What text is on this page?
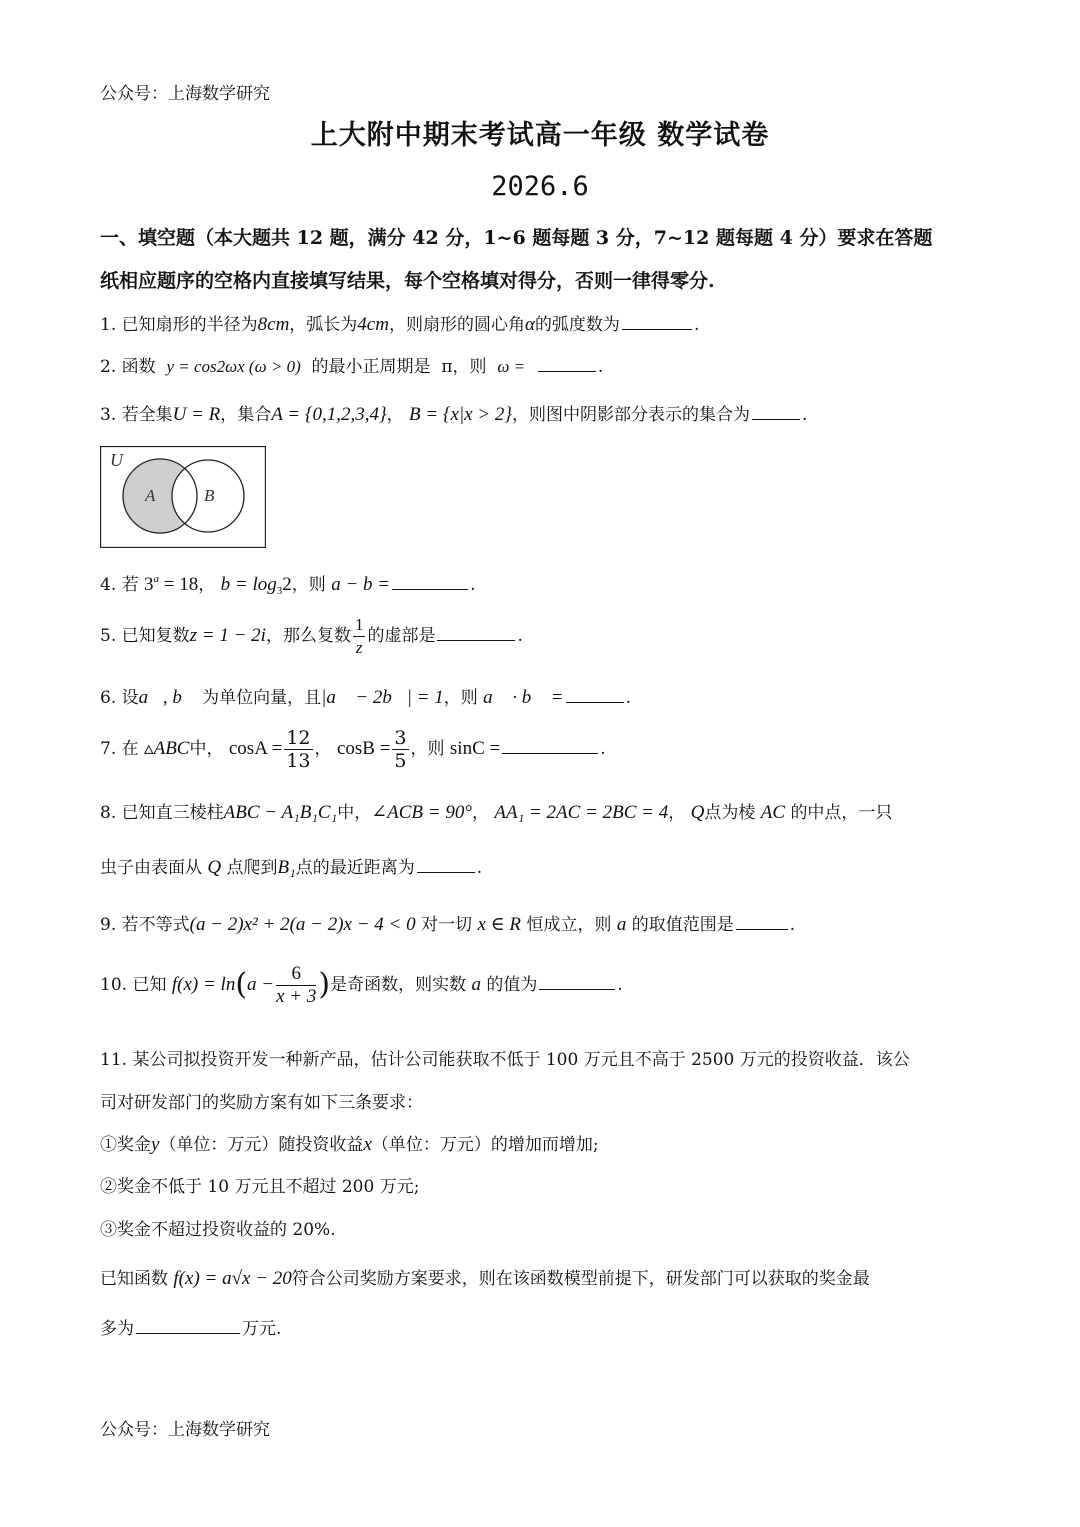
公众号：上海数学研究
上大附中期末考试高一年级 数学试卷
2026.6
一、填空题（本大题共 12 题，满分 42 分，1~6 题每题 3 分，7~12 题每题 4 分）要求在答题
纸相应题序的空格内直接填写结果，每个空格填对得分，否则一律得零分.
1. 已知扇形的半径为8cm，弧长为4cm，则扇形的圆心角α的弧度数为	.
2. 函数 y = cos2ωx (ω > 0) 的最小正周期是 π，则 ω =	.
3. 若全集U = R，集合A = {0,1,2,3,4}， B = {x|x > 2}，则图中阴影部分表示的集合为	.
U
A	B
4. 若 $3^a = 18$， $b = \log_32$，则 a − b =	.
5. 已知复数z = 1 − 2i，那么复数 $\frac{1}{z}$ 的虚部是	.
6. 设a⃗, b⃗ 为单位向量，且|a⃗ − 2b⃗| = 1，则 a⃗ · b⃗ =	.
7. 在 ▵ABC中， $\cos A = \frac{12}{13}$ ， $\cos B = \frac{3}{5}$ ，则 sinC =	.
8. 已知直三棱柱ABC − A₁B₁C₁中，∠ACB = 90°， AA₁ = 2AC = 2BC = 4， Q点为棱 AC 的中点，一只
虫子由表面从 Q 点爬到B₁点的最近距离为	.
9. 若不等式(a − 2)x² + 2(a − 2)x − 4 < 0 对一切 x ∈ R 恒成立，则 a 的取值范围是	.
10. 已知 $f(x) = \ln(a - \frac{6}{x + 3}$ )是奇函数，则实数 a 的值为	.
11. 某公司拟投资开发一种新产品，估计公司能获取不低于 100 万元且不高于 2500 万元的投资收益．该公
司对研发部门的奖励方案有如下三条要求：
①奖金y（单位：万元）随投资收益x（单位：万元）的增加而增加;
②奖金不低于 10 万元且不超过 200 万元;
③奖金不超过投资收益的 20%.
已知函数 f(x) = a√x − 20符合公司奖励方案要求，则在该函数模型前提下，研发部门可以获取的奖金最
多为	万元.
公众号：上海数学研究
